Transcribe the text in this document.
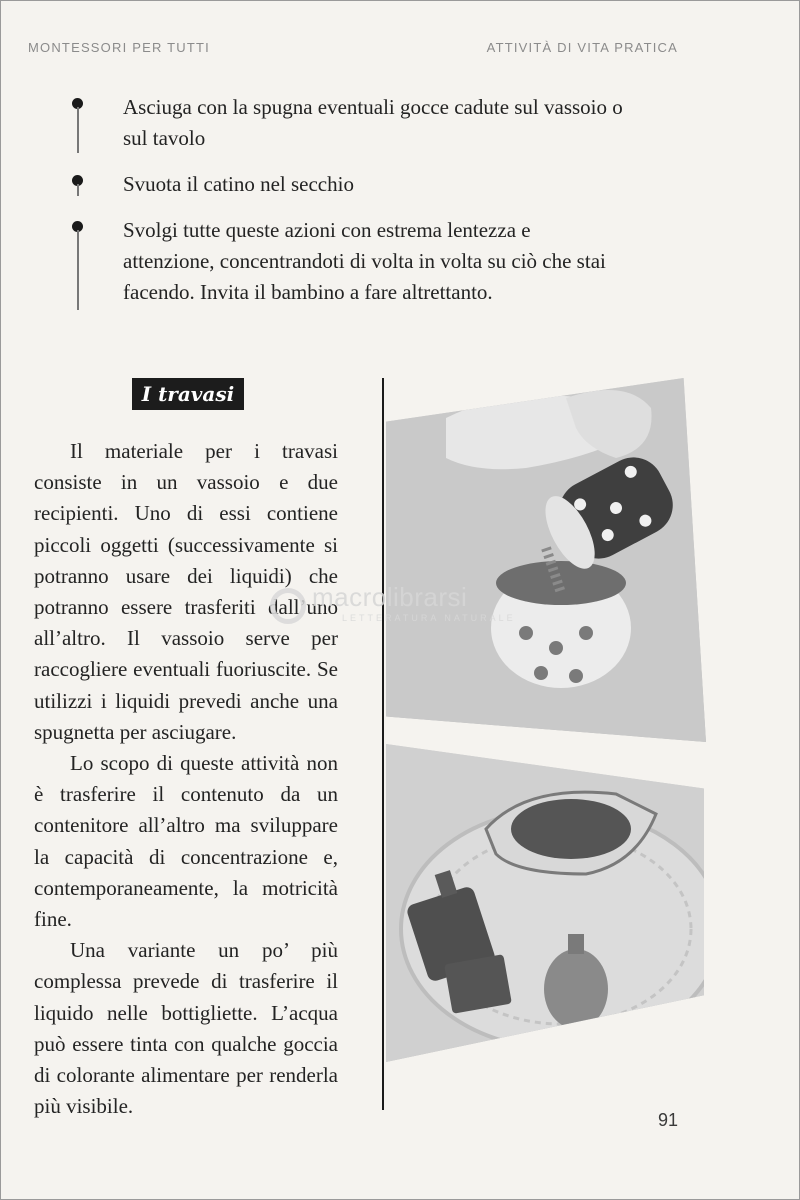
MONTESSORI PER TUTTI	ATTIVITÀ DI VITA PRATICA
Asciuga con la spugna eventuali gocce cadute sul vassoio o sul tavolo
Svuota il catino nel secchio
Svolgi tutte queste azioni con estrema lentezza e attenzione, concentrandoti di volta in volta su ciò che stai facendo. Invita il bambino a fare altrettanto.
I travasi

Il materiale per i travasi consiste in un vassoio e due recipienti. Uno di essi contiene piccoli oggetti (successivamente si potranno usare dei liquidi) che potranno essere trasferiti dall’uno all’altro. Il vassoio serve per raccogliere eventuali fuoriuscite. Se utilizzi i liquidi prevedi anche una spugnetta per asciugare.

Lo scopo di queste attività non è trasferire il contenuto da un contenitore all’altro ma sviluppare la capacità di concentrazione e, contemporaneamente, la motricità fine.

Una variante un po’ più complessa prevede di trasferire il liquido nelle bottigliette. L’acqua può essere tinta con qualche goccia di colorante alimentare per renderla più visibile.

macrolibrarsi
LETTERATURA NATURALE
91
